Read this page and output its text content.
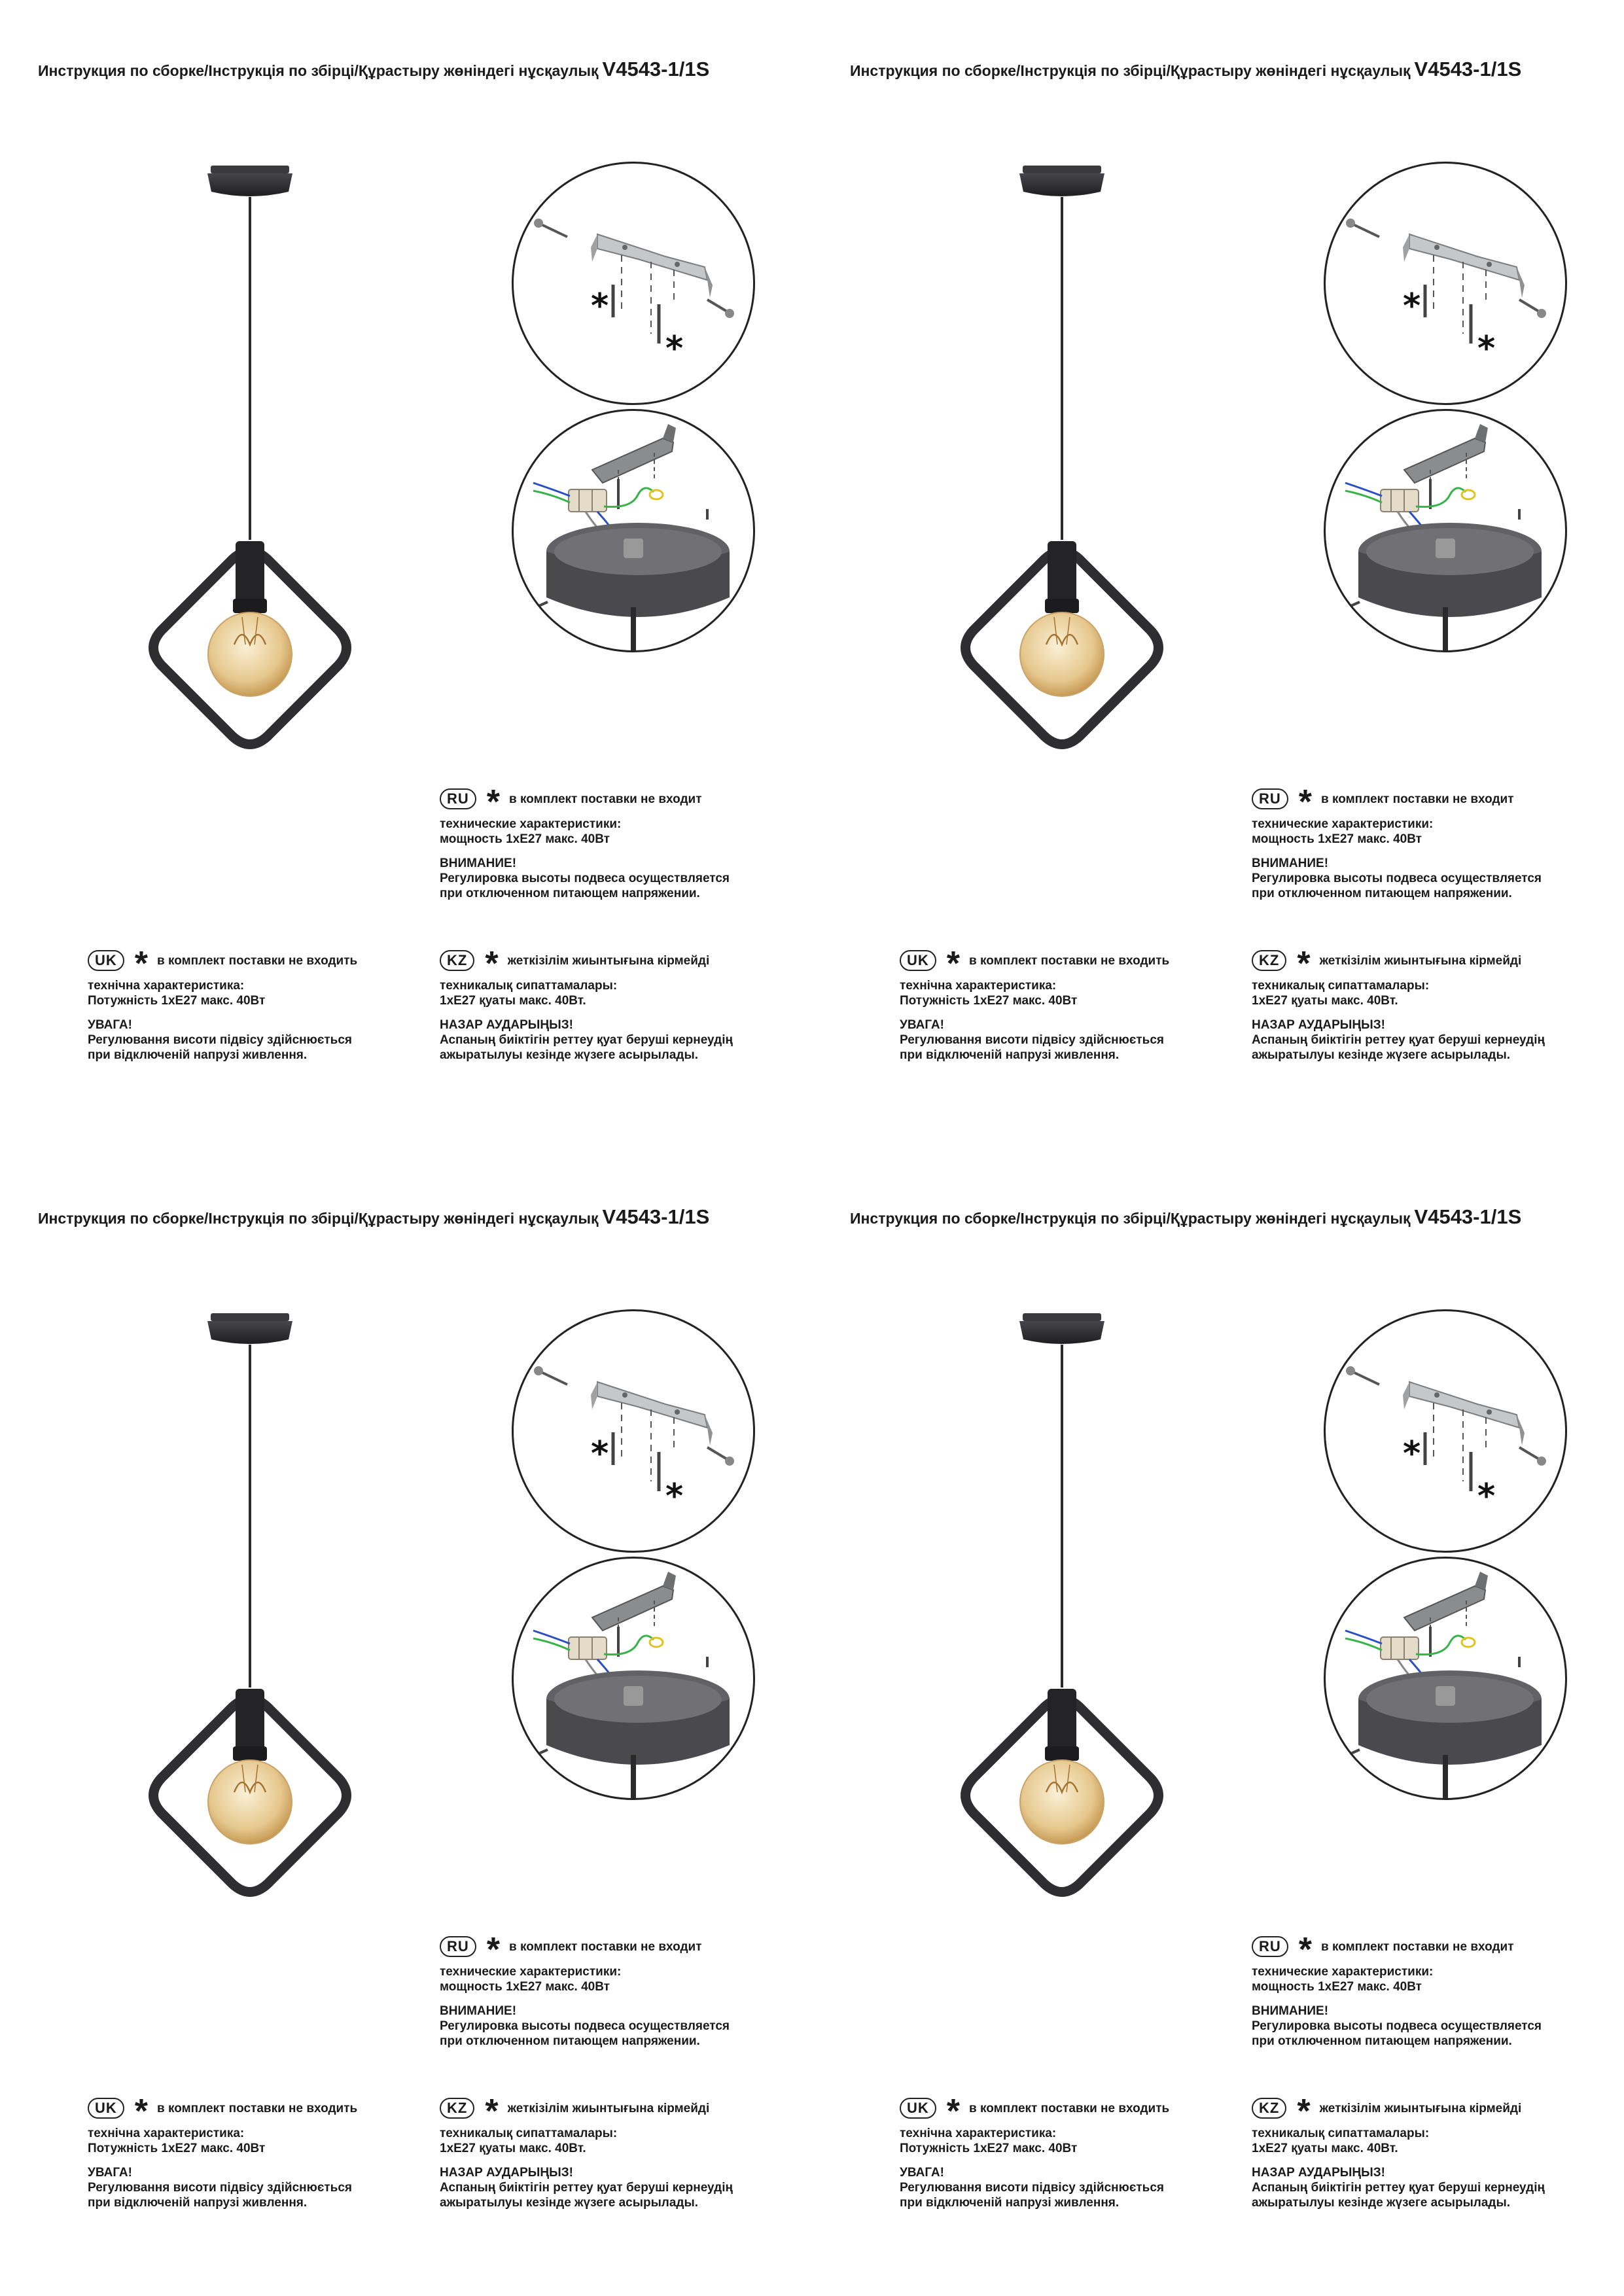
Инструкция по сборке/Інструкція по збірці/Құрастыру жөніндегі нұсқаулық V4543-1/1S
*
*
RU * в комплект поставки не входит
технические характеристики:
мощность 1хЕ27 макс. 40Вт
ВНИМАНИЕ!
Регулировка высоты подвеса осуществляется
при отключенном питающем напряжении.
UK * в комплект поставки не входить
технічна характеристика:
Потужність 1хЕ27 макс. 40Вт
УВАГА!
Регулювання висоти підвісу здійснюється
при відключеній напрузі живлення.
KZ * жеткізілім жиынтығына кірмейді
техникалық сипаттамалары:
1хЕ27 қуаты макс. 40Вт.
НАЗАР АУДАРЫҢЫЗ!
Аспаның биіктігін реттеу қуат беруші кернеудің
ажыратылуы кезінде жүзеге асырылады.
Инструкция по сборке/Інструкція по збірці/Құрастыру жөніндегі нұсқаулық V4543-1/1S
*
*
RU * в комплект поставки не входит
технические характеристики:
мощность 1хЕ27 макс. 40Вт
ВНИМАНИЕ!
Регулировка высоты подвеса осуществляется
при отключенном питающем напряжении.
UK * в комплект поставки не входить
технічна характеристика:
Потужність 1хЕ27 макс. 40Вт
УВАГА!
Регулювання висоти підвісу здійснюється
при відключеній напрузі живлення.
KZ * жеткізілім жиынтығына кірмейді
техникалық сипаттамалары:
1хЕ27 қуаты макс. 40Вт.
НАЗАР АУДАРЫҢЫЗ!
Аспаның биіктігін реттеу қуат беруші кернеудің
ажыратылуы кезінде жүзеге асырылады.
Инструкция по сборке/Інструкція по збірці/Құрастыру жөніндегі нұсқаулық V4543-1/1S
*
*
RU * в комплект поставки не входит
технические характеристики:
мощность 1хЕ27 макс. 40Вт
ВНИМАНИЕ!
Регулировка высоты подвеса осуществляется
при отключенном питающем напряжении.
UK * в комплект поставки не входить
технічна характеристика:
Потужність 1хЕ27 макс. 40Вт
УВАГА!
Регулювання висоти підвісу здійснюється
при відключеній напрузі живлення.
KZ * жеткізілім жиынтығына кірмейді
техникалық сипаттамалары:
1хЕ27 қуаты макс. 40Вт.
НАЗАР АУДАРЫҢЫЗ!
Аспаның биіктігін реттеу қуат беруші кернеудің
ажыратылуы кезінде жүзеге асырылады.
Инструкция по сборке/Інструкція по збірці/Құрастыру жөніндегі нұсқаулық V4543-1/1S
*
*
RU * в комплект поставки не входит
технические характеристики:
мощность 1хЕ27 макс. 40Вт
ВНИМАНИЕ!
Регулировка высоты подвеса осуществляется
при отключенном питающем напряжении.
UK * в комплект поставки не входить
технічна характеристика:
Потужність 1хЕ27 макс. 40Вт
УВАГА!
Регулювання висоти підвісу здійснюється
при відключеній напрузі живлення.
KZ * жеткізілім жиынтығына кірмейді
техникалық сипаттамалары:
1хЕ27 қуаты макс. 40Вт.
НАЗАР АУДАРЫҢЫЗ!
Аспаның биіктігін реттеу қуат беруші кернеудің
ажыратылуы кезінде жүзеге асырылады.
